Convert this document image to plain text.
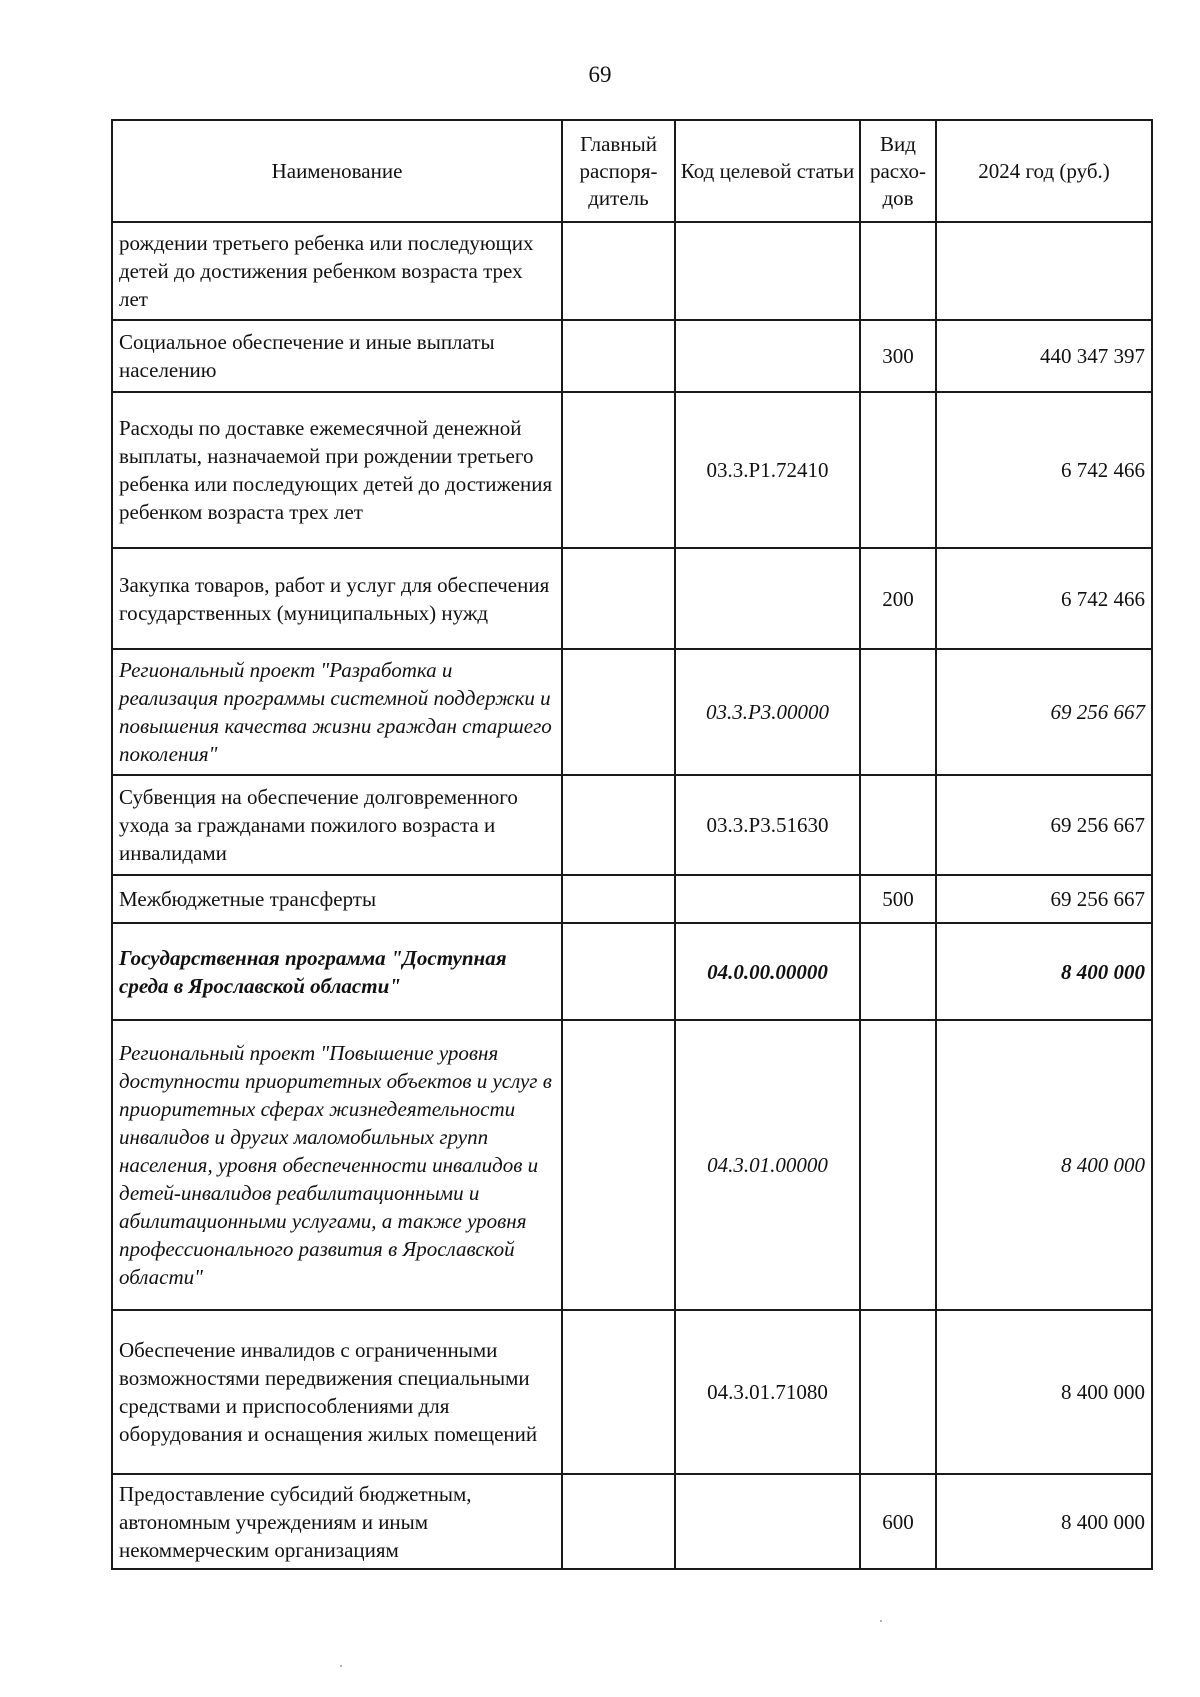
69
Наименование	Главный распоря-дитель	Код целевой статьи	Вид расхо-дов	2024 год (руб.)
рождении третьего ребенка или последующих детей до достижения ребенком возраста трех лет				
Социальное обеспечение и иные выплаты населению			300	440 347 397
Расходы по доставке ежемесячной денежной выплаты, назначаемой при рождении третьего ребенка или последующих детей до достижения ребенком возраста трех лет		03.3.P1.72410		6 742 466
Закупка товаров, работ и услуг для обеспечения государственных (муниципальных) нужд			200	6 742 466
Региональный проект "Разработка и реализация программы системной поддержки и повышения качества жизни граждан старшего поколения"		03.3.P3.00000		69 256 667
Субвенция на обеспечение долговременного ухода за гражданами пожилого возраста и инвалидами		03.3.P3.51630		69 256 667
Межбюджетные трансферты			500	69 256 667
Государственная программа "Доступная среда в Ярославской области"		04.0.00.00000		8 400 000
Региональный проект "Повышение уровня доступности приоритетных объектов и услуг в приоритетных сферах жизнедеятельности инвалидов и других маломобильных групп населения, уровня обеспеченности инвалидов и детей-инвалидов реабилитационными и абилитационными услугами, а также уровня профессионального развития в Ярославской области"		04.3.01.00000		8 400 000
Обеспечение инвалидов с ограниченными возможностями передвижения специальными средствами и приспособлениями для оборудования и оснащения жилых помещений		04.3.01.71080		8 400 000
Предоставление субсидий бюджетным, автономным учреждениям и иным некоммерческим организациям			600	8 400 000
